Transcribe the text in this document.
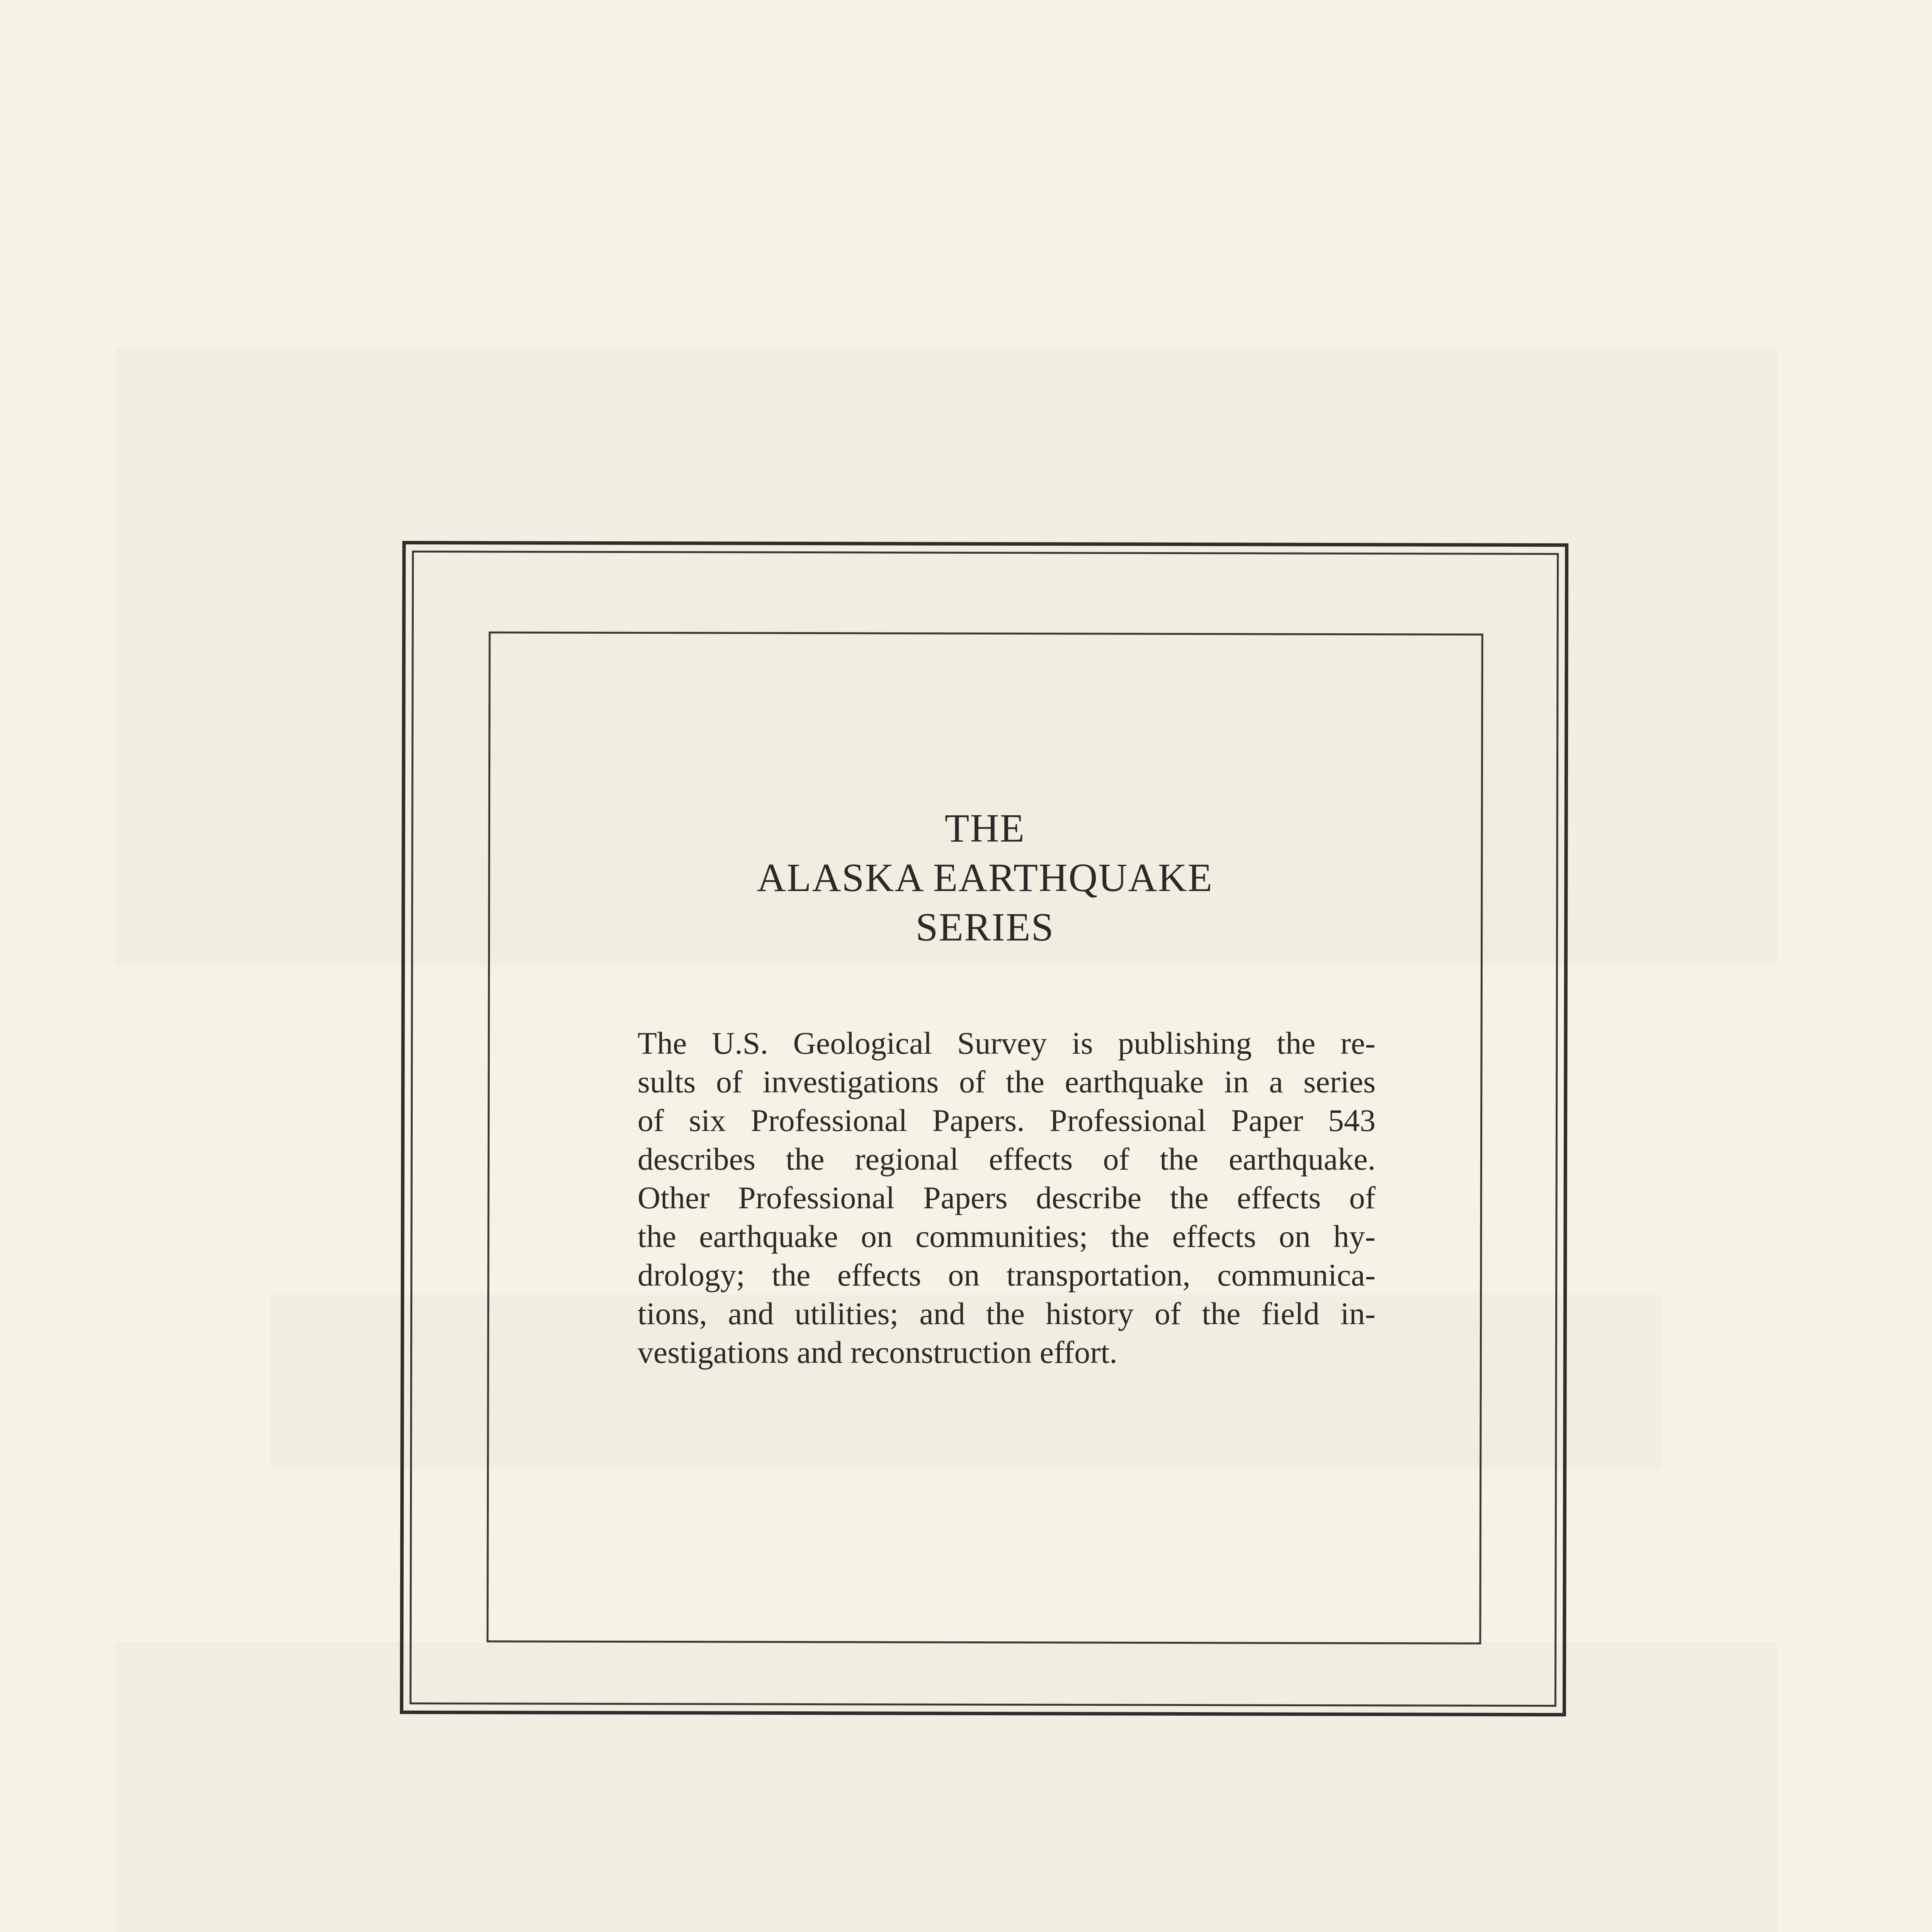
THE
ALASKA EARTHQUAKE
SERIES
The U.S. Geological Survey is publishing the re-
sults of investigations of the earthquake in a series
of six Professional Papers. Professional Paper 543
describes the regional effects of the earthquake.
Other Professional Papers describe the effects of
the earthquake on communities; the effects on hy-
drology; the effects on transportation, communica-
tions, and utilities; and the history of the field in-
vestigations and reconstruction effort.
